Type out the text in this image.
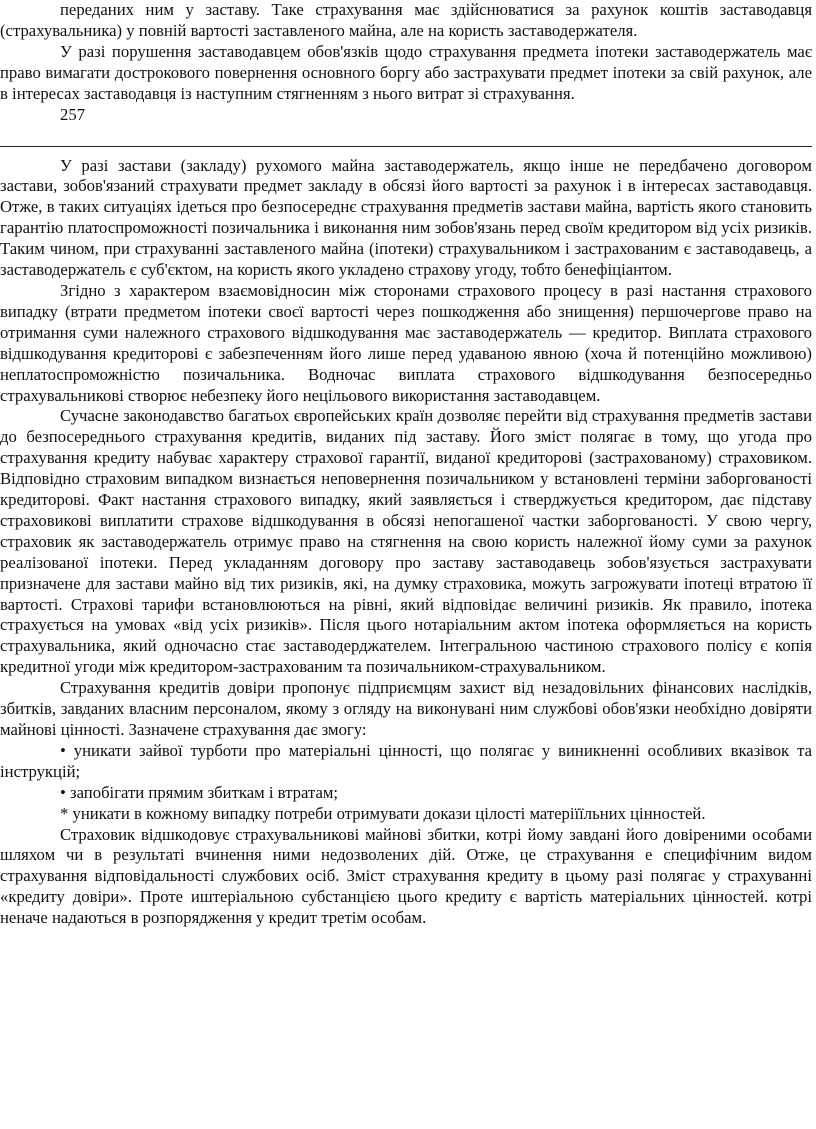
переданих ним у заставу. Таке страхування має здійснюватися за рахунок коштів заставодавця (страхувальника) у повній вартості заставленого майна, але на користь заставодержателя.

У разі порушення заставодавцем обов'язків щодо страхування предмета іпотеки заставодержатель має право вимагати дострокового повернення основного боргу або застрахувати предмет іпотеки за свій рахунок, але в інтересах заставодавця із наступним стягненням з нього витрат зі страхування.

257

У разі застави (закладу) рухомого майна заставодержатель, якщо інше не передбачено договором застави, зобов'язаний страхувати предмет закладу в обсязі його вартості за рахунок і в інтересах заставодавця. Отже, в таких ситуаціях ідеться про безпосереднє страхування предметів застави майна, вартість якого становить гарантію платоспроможності позичальника і виконання ним зобов'язань перед своїм кредитором від усіх ризиків. Таким чином, при страхуванні заставленого майна (іпотеки) страхувальником і застрахованим є заставодавець, а заставодержатель є суб'єктом, на користь якого укладено страхову угоду, тобто бенефіціантом.

Згідно з характером взаємовідносин між сторонами страхового процесу в разі настання страхового випадку (втрати предметом іпотеки своєї вартості через пошкодження або знищення) першочергове право на отримання суми належного страхового відшкодування має заставодержатель — кредитор. Виплата страхового відшкодування кредиторові є забезпеченням його лише перед удаваною явною (хоча й потенційно можливою) неплатоспроможністю позичальника. Водночас виплата страхового відшкодування безпосередньо страхувальникові створює небезпеку його нецільового використання заставодавцем.

Сучасне законодавство багатьох європейських країн дозволяє перейти від страхування предметів застави до безпосереднього страхування кредитів, виданих під заставу. Його зміст полягає в тому, що угода про страхування кредиту набуває характеру страхової гарантії, виданої кредиторові (застрахованому) страховиком. Відповідно страховим випадком визнається неповернення позичальником у встановлені терміни заборгованості кредиторові. Факт настання страхового випадку, який заявляється і стверджується кредитором, дає підставу страховикові виплатити страхове відшкодування в обсязі непогашеної частки заборгованості. У свою чергу, страховик як заставодержатель отримує право на стягнення на свою користь належної йому суми за рахунок реалізованої іпотеки. Перед укладанням договору про заставу заставодавець зобов'язується застрахувати призначене для застави майно від тих ризиків, які, на думку страховика, можуть загрожувати іпотеці втратою її вартості. Страхові тарифи встановлюються на рівні, який відповідає величині ризиків. Як правило, іпотека страхується на умовах «від усіх ризиків». Після цього нотаріальним актом іпотека оформляється на користь страхувальника, який одночасно стає заставодерджателем. Інтегральною частиною страхового полісу є копія кредитної угоди між кредитором-застрахованим та позичальником-страхувальником.

Страхування кредитів довіри пропонує підприємцям захист від незадовільних фінансових наслідків, збитків, завданих власним персоналом, якому з огляду на виконувані ним службові обов'язки необхідно довіряти майнові цінності. Зазначене страхування дає змогу:

• уникати зайвої турботи про матеріальні цінності, що полягає у виникненні особливих вказівок та інструкцій;

• запобігати прямим збиткам і втратам;

* уникати в кожному випадку потреби отримувати докази цілості матеріїїльних цінностей.

Страховик відшкодовує страхувальникові майнові збитки, котрі йому завдані його довіреними особами шляхом чи в результаті вчинення ними недозволених дій. Отже, це страхування е специфічним видом страхування відповідальності службових осіб. Зміст страхування кредиту в цьому разі полягає у страхуванні «кредиту довіри». Проте иштеріальною субстанцією цього кредиту є вартість матеріальних цінностей. котрі неначе надаються в розпорядження у кредит третім особам.
